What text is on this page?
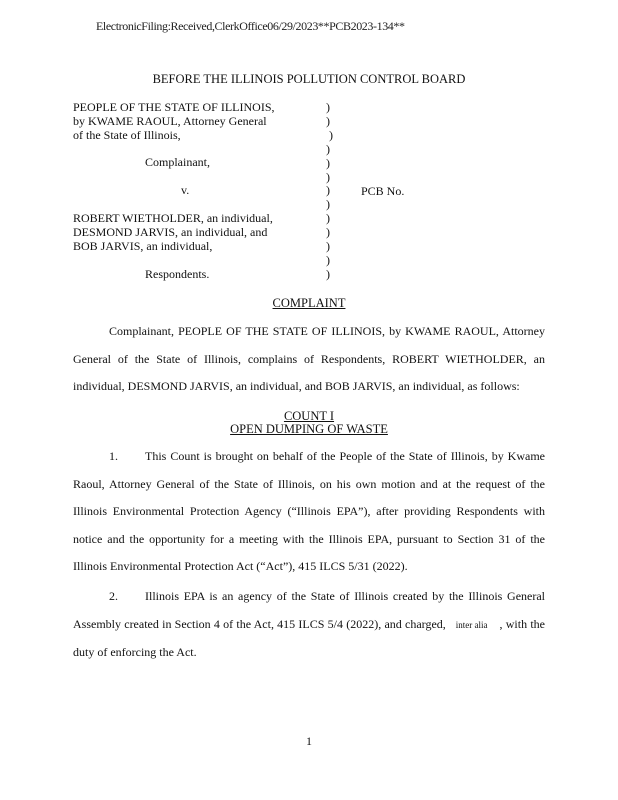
ElectronicFiling:Received,ClerkOffice06/29/2023**PCB2023-134**
BEFORE THE ILLINOIS POLLUTION CONTROL BOARD
PEOPLE OF THE STATE OF ILLINOIS,
by KWAME RAOUL, Attorney General
of the State of Illinois,
Complainant,
v.
ROBERT WIETHOLDER, an individual,
DESMOND JARVIS, an individual, and
BOB JARVIS, an individual,
Respondents.
)
)
)
)
)
)
)
)
)
)
)
)
)
PCB No.
COMPLAINT
Complainant, PEOPLE OF THE STATE OF ILLINOIS, by KWAME RAOUL, Attorney General of the State of Illinois, complains of Respondents, ROBERT WIETHOLDER, an individual, DESMOND JARVIS, an individual, and BOB JARVIS, an individual, as follows:
COUNT I
OPEN DUMPING OF WASTE
1. This Count is brought on behalf of the People of the State of Illinois, by Kwame Raoul, Attorney General of the State of Illinois, on his own motion and at the request of the Illinois Environmental Protection Agency (“Illinois EPA”), after providing Respondents with notice and the opportunity for a meeting with the Illinois EPA, pursuant to Section 31 of the Illinois Environmental Protection Act (“Act”), 415 ILCS 5/31 (2022).
2. Illinois EPA is an agency of the State of Illinois created by the Illinois General Assembly created in Section 4 of the Act, 415 ILCS 5/4 (2022), and charged, inter alia , with the duty of enforcing the Act.
1
